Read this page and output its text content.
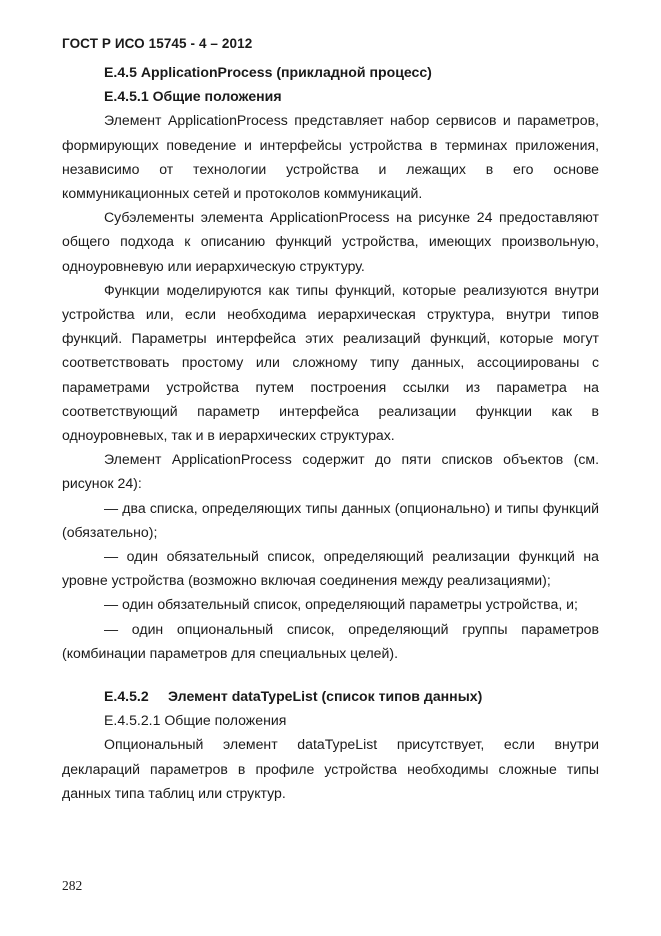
ГОСТ Р ИСО 15745 - 4 – 2012
Е.4.5 ApplicationProcess (прикладной процесс)
Е.4.5.1 Общие положения

Элемент ApplicationProcess представляет набор сервисов и параметров, формирующих поведение и интерфейсы устройства в терминах приложения, независимо от технологии устройства и лежащих в его основе коммуникационных сетей и протоколов коммуникаций.

Субэлементы элемента ApplicationProcess на рисунке 24 предоставляют общего подхода к описанию функций устройства, имеющих произвольную, одноуровневую или иерархическую структуру.

Функции моделируются как типы функций, которые реализуются внутри устройства или, если необходима иерархическая структура, внутри типов функций. Параметры интерфейса этих реализаций функций, которые могут соответствовать простому или сложному типу данных, ассоциированы с параметрами устройства путем построения ссылки из параметра на соответствующий параметр интерфейса реализации функции как в одноуровневых, так и в иерархических структурах.

Элемент ApplicationProcess содержит до пяти списков объектов (см. рисунок 24):

— два списка, определяющих типы данных (опционально) и типы функций (обязательно);

— один обязательный список, определяющий реализации функций на уровне устройства (возможно включая соединения между реализациями);

— один обязательный список, определяющий параметры устройства, и;

— один опциональный список, определяющий группы параметров (комбинации параметров для специальных целей).

Е.4.5.2 Элемент dataTypeList (список типов данных)
Е.4.5.2.1 Общие положения

Опциональный элемент dataTypeList присутствует, если внутри деклараций параметров в профиле устройства необходимы сложные типы данных типа таблиц или структур.

282
